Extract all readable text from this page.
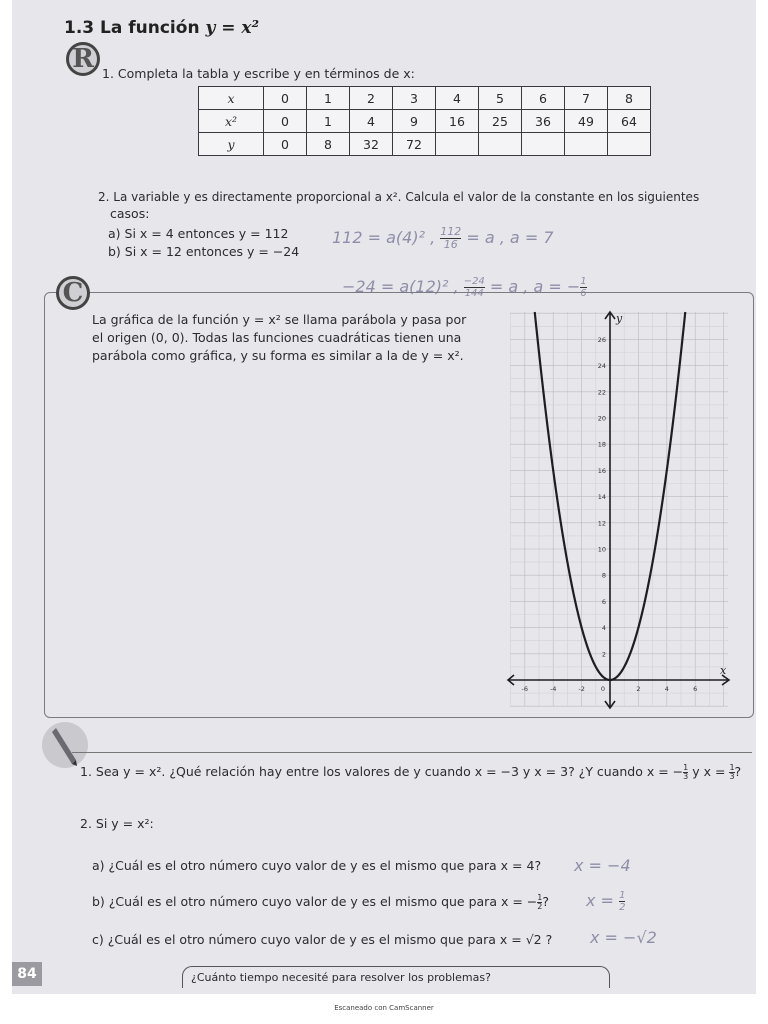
1.3 La función y = x²
R 1. Completa la tabla y escribe y en términos de x:
x	0	1	2	3	4	5	6	7	8
x²	0	1	4	9	16	25	36	49	64
y	0	8	32	72					
2. La variable y es directamente proporcional a x². Calcula el valor de la constante en los siguientes
casos:
a) Si x = 4 entonces y = 112
b) Si x = 12 entonces y = −24
112 = a(4)² , $\frac{112}{16} = a$ , a = 7
−24 = a(12)² , $\frac{-24}{144} = a$ , a = − $\frac{1}{6}$
C
La gráfica de la función y = x² se llama parábola y pasa por
el origen (0, 0). Todas las funciones cuadráticas tienen una
parábola como gráfica, y su forma es similar a la de y = x².
-6	-4	-2 0	2	4	6
2
4
6
8
10
12
14
16
18
20
22
24
26
x
y
1. Sea y = x². ¿Qué relación hay entre los valores de y cuando x = −3 y x = 3? ¿Y cuando x = − $\frac{1}{3}$ y $x = \frac{1}{3}$ ?
2. Si y = x²:
a) ¿Cuál es el otro número cuyo valor de y es el mismo que para x = 4?
b) ¿Cuál es el otro número cuyo valor de y es el mismo que para x = − $\frac{1}{2}$ ?
c) ¿Cuál es el otro número cuyo valor de y es el mismo que para x = √2 ?
x = −4
$x = \frac{1}{2}$
x = −√2
84	¿Cuánto tiempo necesité para resolver los problemas?
Escaneado con CamScanner
